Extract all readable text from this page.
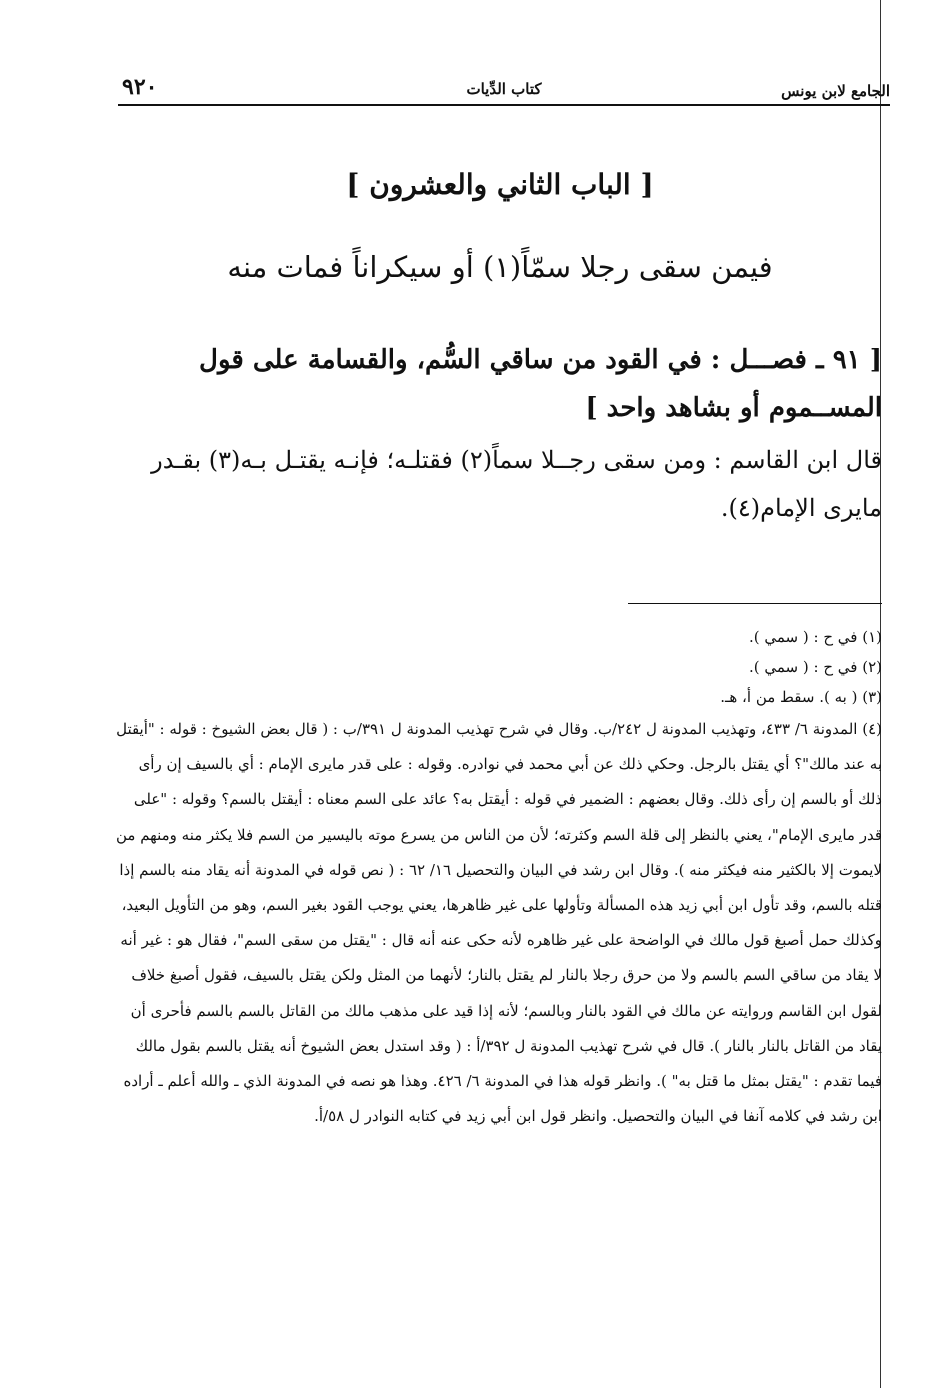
٩٢٠	كتاب الدِّيات	الجامع لابن يونس
[ الباب الثاني والعشرون ]
فيمن سقى رجلا سمّاً(١) أو سيكراناً فمات منه
[ ٩١ ـ فصـــل : في القود من ساقي السُّم، والقسامة على قول المســموم أو بشاهد واحد ]
قال ابن القاسم : ومن سقى رجــلا سماً(٢) فقتلـه؛ فإنـه يقتـل بـه(٣) بقـدر مايرى الإمام(٤).
(١) في ح : ( سمي ).
(٢) في ح : ( سمي ).
(٣) ( به ). سقط من أ، هـ.
(٤) المدونة ٦/ ٤٣٣، وتهذيب المدونة ل ٢٤٢/ب. وقال في شرح تهذيب المدونة ل ٣٩١/ب : ( قال بعض الشيوخ : قوله : "أيقتل به عند مالك"؟ أي يقتل بالرجل. وحكي ذلك عن أبي محمد في نوادره. وقوله : على قدر مايرى الإمام : أي بالسيف إن رأى ذلك أو بالسم إن رأى ذلك. وقال بعضهم : الضمير في قوله : أيقتل به؟ عائد على السم معناه : أيقتل بالسم؟ وقوله : "على قدر مايرى الإمام"، يعني بالنظر إلى قلة السم وكثرته؛ لأن من الناس من يسرع موته باليسير من السم فلا يكثر منه ومنهم من لايموت إلا بالكثير منه فيكثر منه ). وقال ابن رشد في البيان والتحصيل ١٦/ ٦٢ : ( نص قوله في المدونة أنه يقاد منه بالسم إذا قتله بالسم، وقد تأول ابن أبي زيد هذه المسألة وتأولها على غير ظاهرها، يعني يوجب القود بغير السم، وهو من التأويل البعيد، وكذلك حمل أصبغ قول مالك في الواضحة على غير ظاهره لأنه حكى عنه أنه قال : "يقتل من سقى السم"، فقال هو : غير أنه لا يقاد من ساقي السم بالسم ولا من حرق رجلا بالنار لم يقتل بالنار؛ لأنهما من المثل ولكن يقتل بالسيف، فقول أصبغ خلاف لقول ابن القاسم وروايته عن مالك في القود بالنار وبالسم؛ لأنه إذا قيد على مذهب مالك من القاتل بالسم بالسم فأحرى أن يقاد من القاتل بالنار بالنار ). قال في شرح تهذيب المدونة ل ٣٩٢/أ : ( وقد استدل بعض الشيوخ أنه يقتل بالسم بقول مالك فيما تقدم : "يقتل بمثل ما قتل به" ). وانظر قوله هذا في المدونة ٦/ ٤٢٦. وهذا هو نصه في المدونة الذي ـ والله أعلم ـ أراده ابن رشد في كلامه آنفا في البيان والتحصيل. وانظر قول ابن أبي زيد في كتابه النوادر ل ٥٨/أ.
